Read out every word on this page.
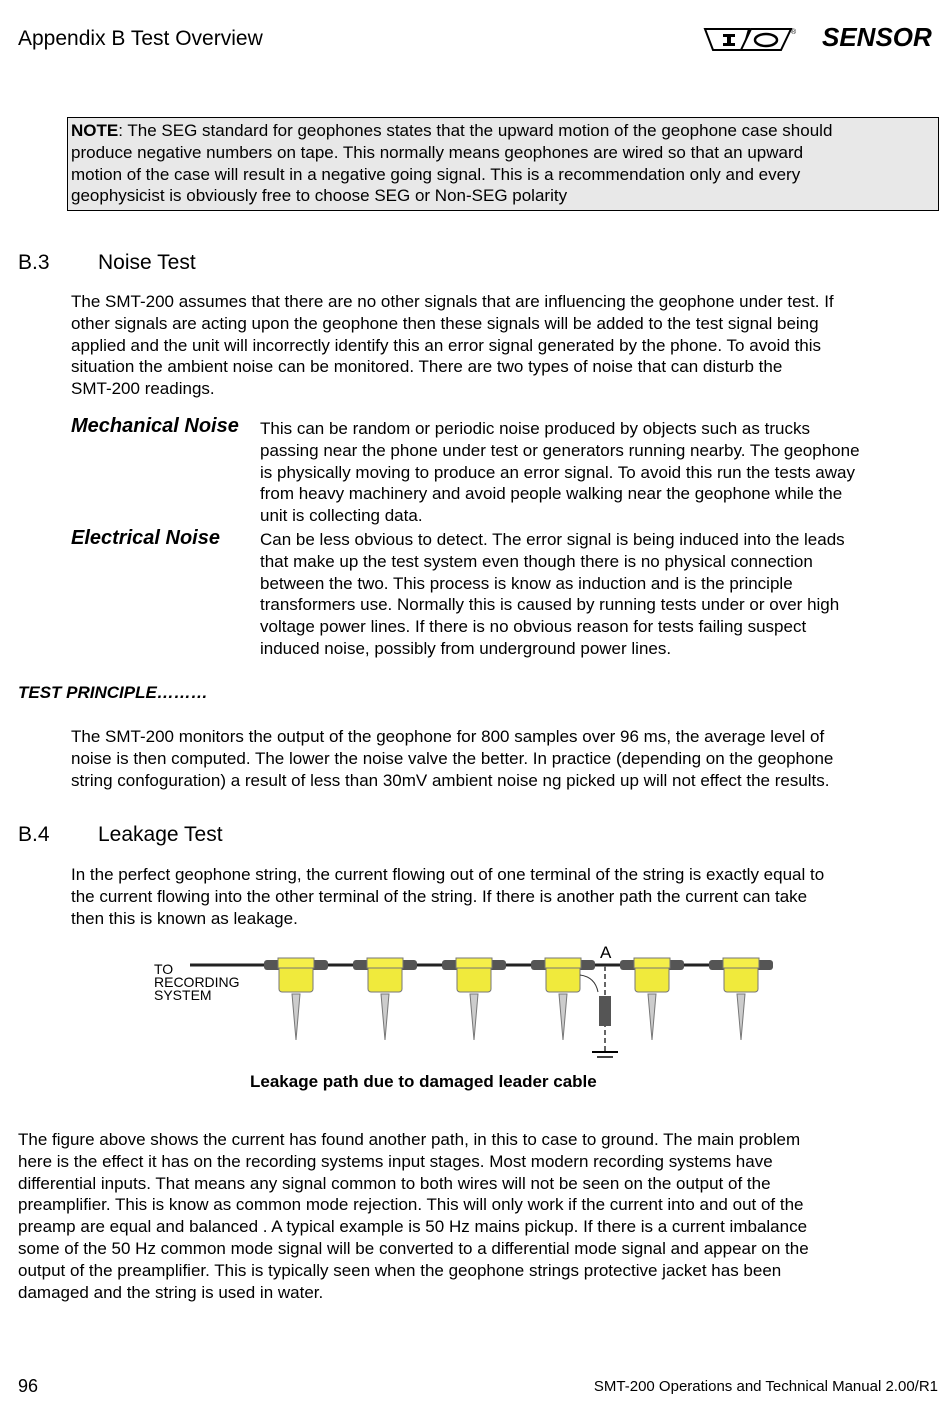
Appendix B Test Overview	® SENSOR
NOTE: The SEG standard for geophones states that the upward motion of the geophone case should
produce negative numbers on tape. This normally means geophones are wired so that an upward
motion of the case will result in a negative going signal. This is a recommendation only and every
geophysicist is obviously free to choose SEG or Non-SEG polarity
B.3 Noise Test
The SMT-200 assumes that there are no other signals that are influencing the geophone under test. If
other signals are acting upon the geophone then these signals will be added to the test signal being
applied and the unit will incorrectly identify this an error signal generated by the phone. To avoid this
situation the ambient noise can be monitored. There are two types of noise that can disturb the
SMT-200 readings.
Mechanical Noise This can be random or periodic noise produced by objects such as trucks
passing near the phone under test or generators running nearby. The geophone
is physically moving to produce an error signal. To avoid this run the tests away
from heavy machinery and avoid people walking near the geophone while the
unit is collecting data.
Electrical Noise Can be less obvious to detect. The error signal is being induced into the leads
that make up the test system even though there is no physical connection
between the two. This process is know as induction and is the principle
transformers use. Normally this is caused by running tests under or over high
voltage power lines. If there is no obvious reason for tests failing suspect
induced noise, possibly from underground power lines.
TEST PRINCIPLE………
The SMT-200 monitors the output of the geophone for 800 samples over 96 ms, the average level of
noise is then computed. The lower the noise valve the better. In practice (depending on the geophone
string confoguration) a result of less than 30mV ambient noise ng picked up will not effect the results.
B.4 Leakage Test
In the perfect geophone string, the current flowing out of one terminal of the string is exactly equal to
the current flowing into the other terminal of the string. If there is another path the current can take
then this is known as leakage.
TO
RECORDING
SYSTEM
A
Leakage path due to damaged leader cable
The figure above shows the current has found another path, in this to case to ground. The main problem
here is the effect it has on the recording systems input stages. Most modern recording systems have
differential inputs. That means any signal common to both wires will not be seen on the output of the
preamplifier. This is know as common mode rejection. This will only work if the current into and out of the
preamp are equal and balanced . A typical example is 50 Hz mains pickup. If there is a current imbalance
some of the 50 Hz common mode signal will be converted to a differential mode signal and appear on the
output of the preamplifier. This is typically seen when the geophone strings protective jacket has been
damaged and the string is used in water.
96	SMT-200 Operations and Technical Manual 2.00/R1
